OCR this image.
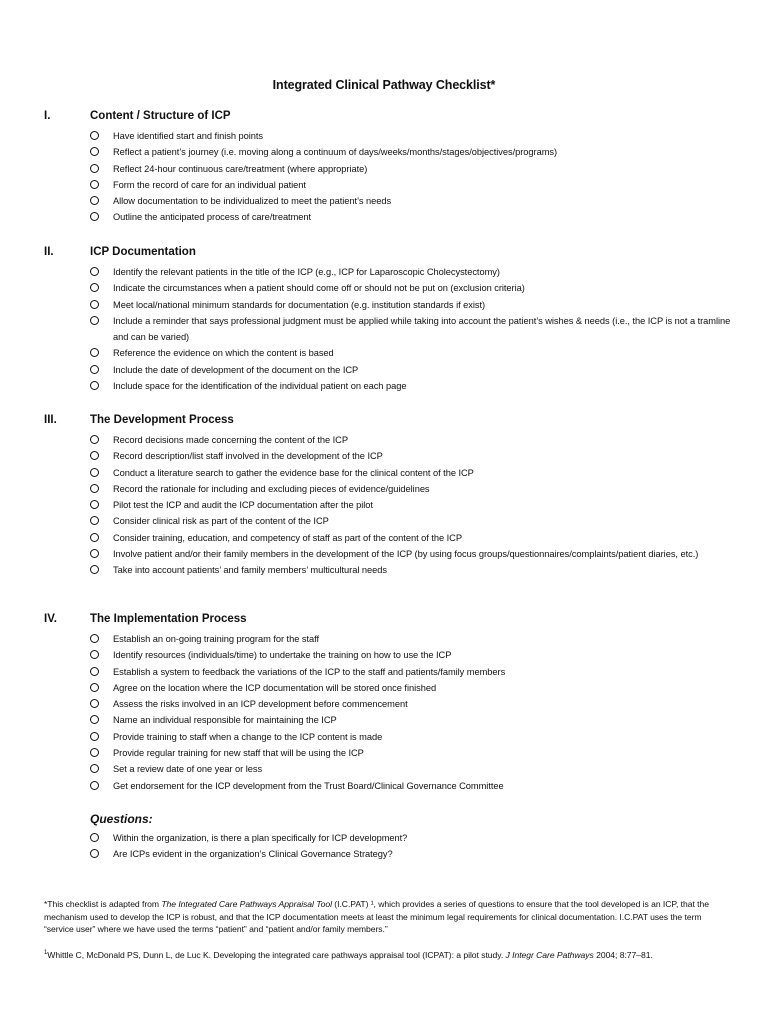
Integrated Clinical Pathway Checklist*
I.	Content / Structure of ICP
Have identified start and finish points
Reflect a patient’s journey (i.e. moving along a continuum of days/weeks/months/stages/objectives/programs)
Reflect 24-hour continuous care/treatment (where appropriate)
Form the record of care for an individual patient
Allow documentation to be individualized to meet the patient’s needs
Outline the anticipated process of care/treatment
II.	ICP Documentation
Identify the relevant patients in the title of the ICP (e.g., ICP for Laparoscopic Cholecystectomy)
Indicate the circumstances when a patient should come off or should not be put on (exclusion criteria)
Meet local/national minimum standards for documentation (e.g. institution standards if exist)
Include a reminder that says professional judgment must be applied while taking into account the patient’s wishes & needs (i.e., the ICP is not a tramline and can be varied)
Reference the evidence on which the content is based
Include the date of development of the document on the ICP
Include space for the identification of the individual patient on each page
III.	The Development Process
Record decisions made concerning the content of the ICP
Record description/list staff involved in the development of the ICP
Conduct a literature search to gather the evidence base for the clinical content of the ICP
Record the rationale for including and excluding pieces of evidence/guidelines
Pilot test the ICP and audit the ICP documentation after the pilot
Consider clinical risk as part of the content of the ICP
Consider training, education, and competency of staff as part of the content of the ICP
Involve patient and/or their family members in the development of the ICP (by using focus groups/questionnaires/complaints/patient diaries, etc.)
Take into account patients’ and family members’ multicultural needs
IV.	The Implementation Process
Establish an on-going training program for the staff
Identify resources (individuals/time) to undertake the training on how to use the ICP
Establish a system to feedback the variations of the ICP to the staff and patients/family members
Agree on the location where the ICP documentation will be stored once finished
Assess the risks involved in an ICP development before commencement
Name an individual responsible for maintaining the ICP
Provide training to staff when a change to the ICP content is made
Provide regular training for new staff that will be using the ICP
Set a review date of one year or less
Get endorsement for the ICP development from the Trust Board/Clinical Governance Committee
Questions:
Within the organization, is there a plan specifically for ICP development?
Are ICPs evident in the organization’s Clinical Governance Strategy?
*This checklist is adapted from The Integrated Care Pathways Appraisal Tool (I.C.PAT) ¹, which provides a series of questions to ensure that the tool developed is an ICP, that the mechanism used to develop the ICP is robust, and that the ICP documentation meets at least the minimum legal requirements for clinical documentation. I.C.PAT uses the term “service user” where we have used the terms “patient” and “patient and/or family members.”
$^1$Whittle C, McDonald PS, Dunn L, de Luc K. Developing the integrated care pathways appraisal tool (ICPAT): a pilot study. J Integr Care Pathways 2004; 8:77–81.
